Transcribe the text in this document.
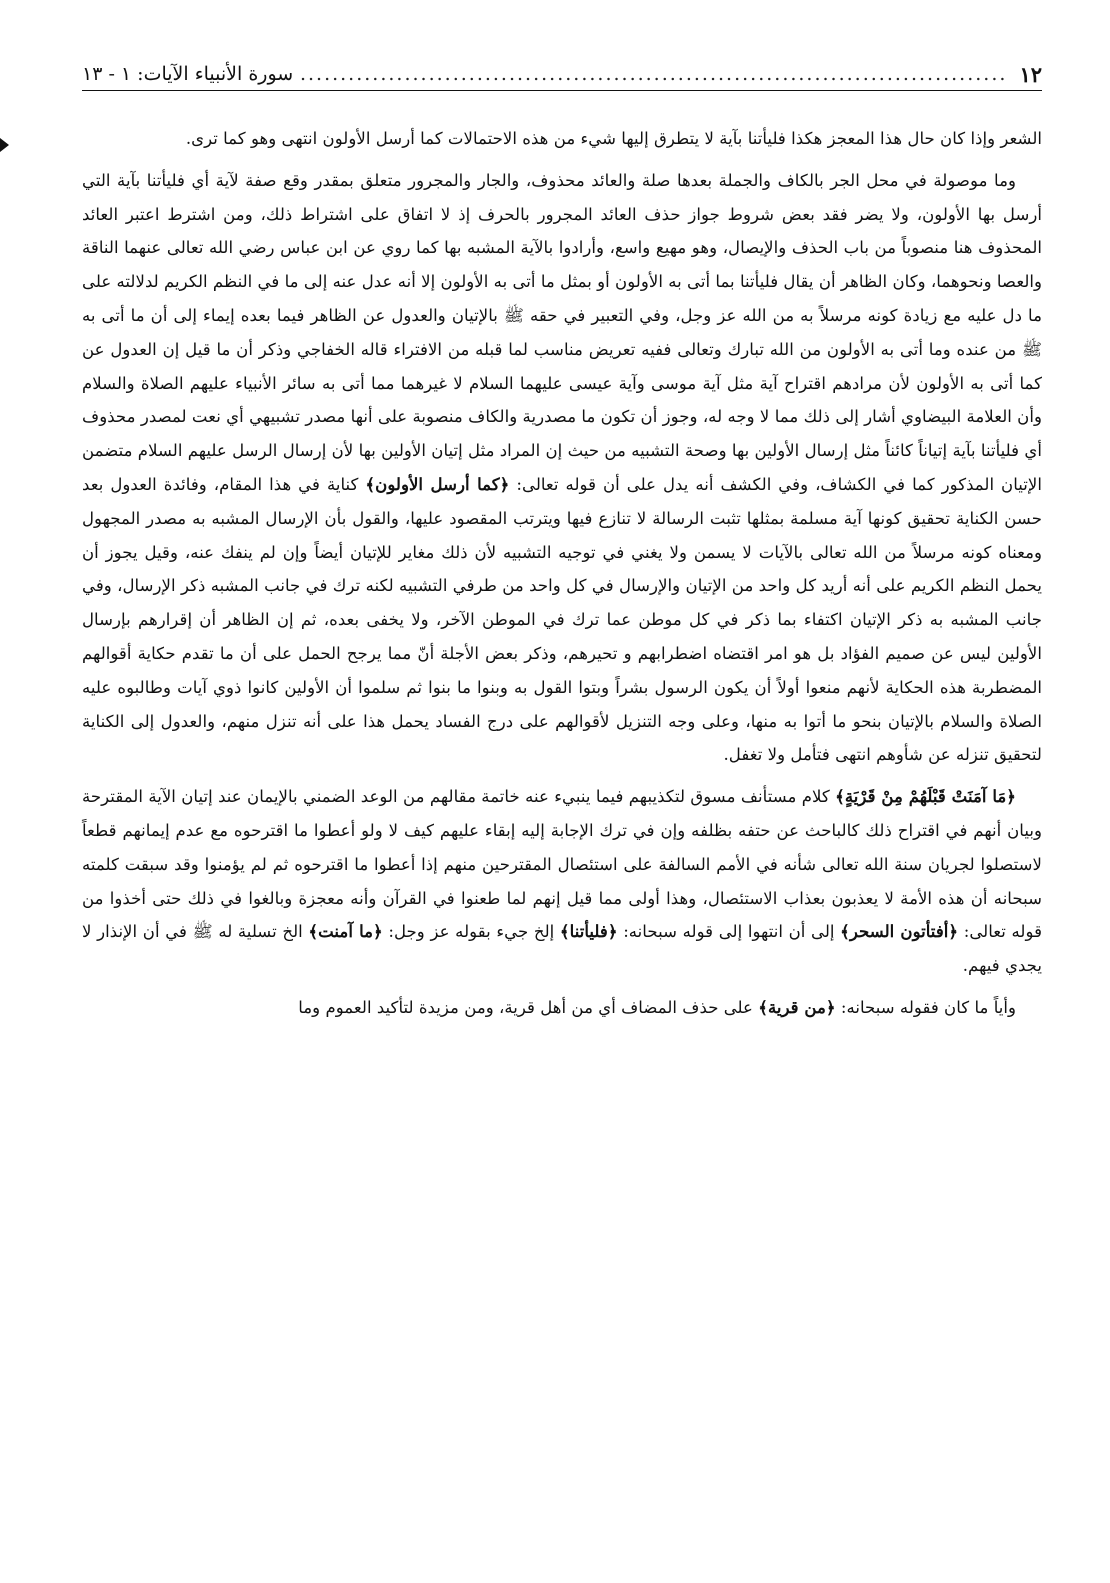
١٢
.....
سورة الأنبياء الآيات: ١ - ١٣

الشعر وإذا كان حال هذا المعجز هكذا فليأتنا بآية لا يتطرق إليها شيء من هذه الاحتمالات كما أرسل الأولون انتهى وهو كما ترى.

وما موصولة في محل الجر بالكاف والجملة بعدها صلة والعائد محذوف، والجار والمجرور متعلق بمقدر وقع صفة لآية أي فليأتنا بآية التي أرسل بها الأولون، ولا يضر فقد بعض شروط جواز حذف العائد المجرور بالحرف إذ لا اتفاق على اشتراط ذلك، ومن اشترط اعتبر العائد المحذوف هنا منصوباً من باب الحذف والإيصال، وهو مهيع واسع، وأرادوا بالآية المشبه بها كما روي عن ابن عباس رضي الله تعالى عنهما الناقة والعصا ونحوهما، وكان الظاهر أن يقال فليأتنا بما أتى به الأولون أو بمثل ما أتى به الأولون إلا أنه عدل عنه إلى ما في النظم الكريم لدلالته على ما دل عليه مع زيادة كونه مرسلاً به من الله عز وجل، وفي التعبير في حقه ﷺ بالإتيان والعدول عن الظاهر فيما بعده إيماء إلى أن ما أتى به ﷺ من عنده وما أتى به الأولون من الله تبارك وتعالى ففيه تعريض مناسب لما قبله من الافتراء قاله الخفاجي وذكر أن ما قيل إن العدول عن كما أتى به الأولون لأن مرادهم اقتراح آية مثل آية موسى وآية عيسى عليهما السلام لا غيرهما مما أتى به سائر الأنبياء عليهم الصلاة والسلام وأن العلامة البيضاوي أشار إلى ذلك مما لا وجه له، وجوز أن تكون ما مصدرية والكاف منصوبة على أنها مصدر تشبيهي أي نعت لمصدر محذوف أي فليأتنا بآية إتياناً كائناً مثل إرسال الأولين بها وصحة التشبيه من حيث إن المراد مثل إتيان الأولين بها لأن إرسال الرسل عليهم السلام متضمن الإتيان المذكور كما في الكشاف، وفي الكشف أنه يدل على أن قوله تعالى: ﴿كما أرسل الأولون﴾ كناية في هذا المقام، وفائدة العدول بعد حسن الكناية تحقيق كونها آية مسلمة بمثلها تثبت الرسالة لا تنازع فيها ويترتب المقصود عليها، والقول بأن الإرسال المشبه به مصدر المجهول ومعناه كونه مرسلاً من الله تعالى بالآيات لا يسمن ولا يغني في توجيه التشبيه لأن ذلك مغاير للإتيان أيضاً وإن لم ينفك عنه، وقيل يجوز أن يحمل النظم الكريم على أنه أريد كل واحد من الإتيان والإرسال في كل واحد من طرفي التشبيه لكنه ترك في جانب المشبه ذكر الإرسال، وفي جانب المشبه به ذكر الإتيان اكتفاء بما ذكر في كل موطن عما ترك في الموطن الآخر، ولا يخفى بعده، ثم إن الظاهر أن إقرارهم بإرسال الأولين ليس عن صميم الفؤاد بل هو امر اقتضاه اضطرابهم و تحيرهم، وذكر بعض الأجلة أنّ مما يرجح الحمل على أن ما تقدم حكاية أقوالهم المضطربة هذه الحكاية لأنهم منعوا أولاً أن يكون الرسول بشراً وبتوا القول به وبنوا ما بنوا ثم سلموا أن الأولين كانوا ذوي آيات وطالبوه عليه الصلاة والسلام بالإتيان بنحو ما أتوا به منها، وعلى وجه التنزيل لأقوالهم على درج الفساد يحمل هذا على أنه تنزل منهم، والعدول إلى الكناية لتحقيق تنزله عن شأوهم انتهى فتأمل ولا تغفل.

﴿مَا آمَنَتْ قَبْلَهُمْ مِنْ قَرْيَةٍ﴾ كلام مستأنف مسوق لتكذيبهم فيما ينبيء عنه خاتمة مقالهم من الوعد الضمني بالإيمان عند إتيان الآية المقترحة وبيان أنهم في اقتراح ذلك كالباحث عن حتفه بظلفه وإن في ترك الإجابة إليه إبقاء عليهم كيف لا ولو أعطوا ما اقترحوه مع عدم إيمانهم قطعاً لاستصلوا لجريان سنة الله تعالى شأنه في الأمم السالفة على استئصال المقترحين منهم إذا أعطوا ما اقترحوه ثم لم يؤمنوا وقد سبقت كلمته سبحانه أن هذه الأمة لا يعذبون بعذاب الاستئصال، وهذا أولى مما قيل إنهم لما طعنوا في القرآن وأنه معجزة وبالغوا في ذلك حتى أخذوا من قوله تعالى: ﴿أفتأتون السحر﴾ إلى أن انتهوا إلى قوله سبحانه: ﴿فليأتنا﴾ إلخ جيء بقوله عز وجل: ﴿ما آمنت﴾ الخ تسلية له ﷺ في أن الإنذار لا يجدي فيهم.

وأياً ما كان فقوله سبحانه: ﴿من قرية﴾ على حذف المضاف أي من أهل قرية، ومن مزيدة لتأكيد العموم وما
